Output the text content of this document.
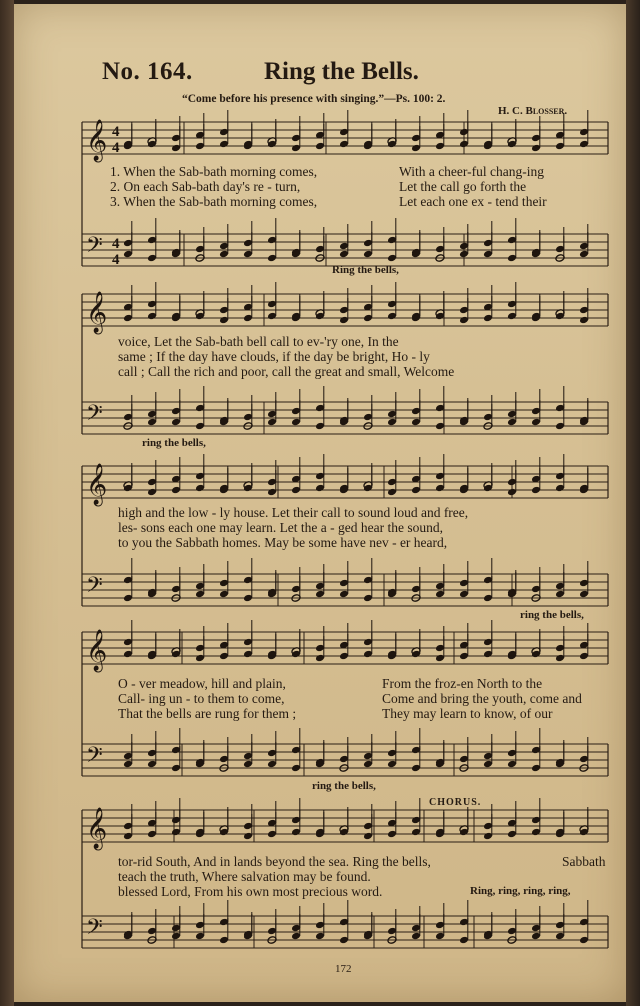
𝄞
𝄢
𝄞
𝄢
𝄞
𝄢
𝄞
𝄢
𝄞
𝄢
4
4
4
4
No. 164.	Ring the Bells.
“Come before his presence with singing.”—Ps. 100: 2.
H. C. Blosser.
1. When the Sab-bath morning comes,
2. On each Sab-bath day's re - turn,
3. When the Sab-bath morning comes,
With a cheer-ful chang-ing
Let the call go forth the
Let each one ex - tend their
Ring the bells,
voice, Let the Sab-bath bell call to ev-'ry one, In the
same ; If the day have clouds, if the day be bright, Ho - ly
call ; Call the rich and poor, call the great and small, Welcome
ring the bells,
high and the low - ly house. Let their call to sound loud and free,
les- sons each one may learn. Let the a - ged hear the sound,
to you the Sabbath homes. May be some have nev - er heard,
ring the bells,
O - ver meadow, hill and plain,
Call- ing un - to them to come,
That the bells are rung for them ;
From the froz-en North to the
Come and bring the youth, come and
They may learn to know, of our
ring the bells,
CHORUS.
tor-rid South, And in lands beyond the sea. Ring the bells,
teach the truth, Where salvation may be found.
blessed Lord, From his own most precious word.
Sabbath
Ring, ring, ring, ring,
172
